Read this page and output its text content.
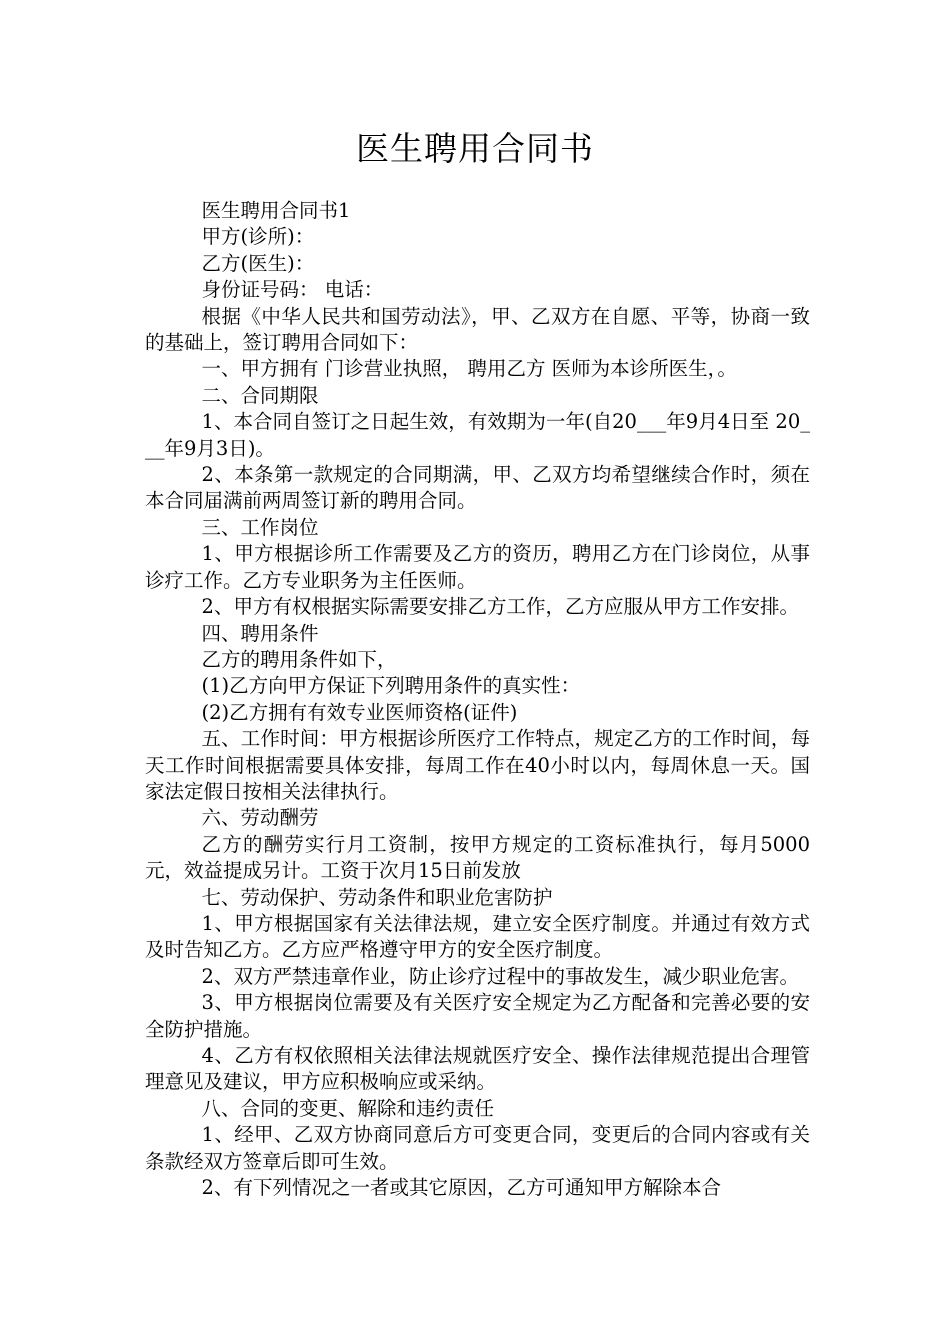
医生聘用合同书

医生聘用合同书1

甲方(诊所)：

乙方(医生)：

身份证号码： 电话：

根据《中华人民共和国劳动法》，甲、乙双方在自愿、平等，协商一致的基础上，签订聘用合同如下：

一、甲方拥有 门诊营业执照， 聘用乙方 医师为本诊所医生，。

二、合同期限

1、本合同自签订之日起生效，有效期为一年(自20___年9月4日至 20___年9月3日)。

2、本条第一款规定的合同期满，甲、乙双方均希望继续合作时，须在本合同届满前两周签订新的聘用合同。

三、工作岗位

1、甲方根据诊所工作需要及乙方的资历，聘用乙方在门诊岗位，从事诊疗工作。乙方专业职务为主任医师。

2、甲方有权根据实际需要安排乙方工作，乙方应服从甲方工作安排。

四、聘用条件

乙方的聘用条件如下，

(1)乙方向甲方保证下列聘用条件的真实性：

(2)乙方拥有有效专业医师资格(证件)

五、工作时间：甲方根据诊所医疗工作特点，规定乙方的工作时间，每天工作时间根据需要具体安排，每周工作在40小时以内，每周休息一天。国家法定假日按相关法律执行。

六、劳动酬劳

乙方的酬劳实行月工资制，按甲方规定的工资标准执行，每月5000元，效益提成另计。工资于次月15日前发放

七、劳动保护、劳动条件和职业危害防护

1、甲方根据国家有关法律法规，建立安全医疗制度。并通过有效方式及时告知乙方。乙方应严格遵守甲方的安全医疗制度。

2、双方严禁违章作业，防止诊疗过程中的事故发生，减少职业危害。

3、甲方根据岗位需要及有关医疗安全规定为乙方配备和完善必要的安全防护措施。

4、乙方有权依照相关法律法规就医疗安全、操作法律规范提出合理管理意见及建议，甲方应积极响应或采纳。

八、合同的变更、解除和违约责任

1、经甲、乙双方协商同意后方可变更合同，变更后的合同内容或有关条款经双方签章后即可生效。

2、有下列情况之一者或其它原因，乙方可通知甲方解除本合
